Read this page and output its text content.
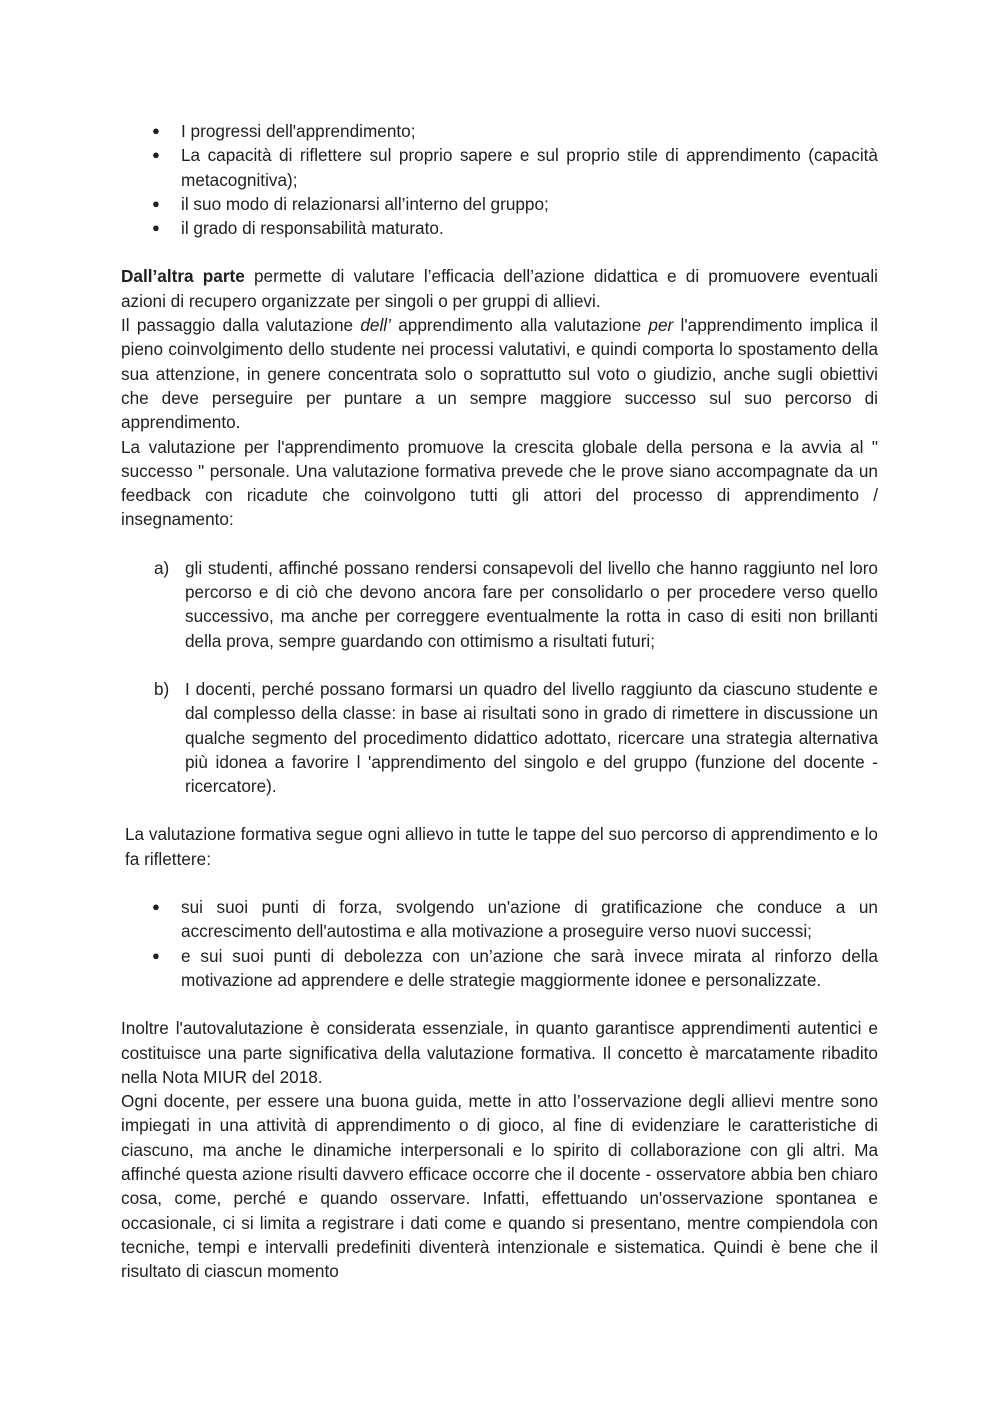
● I progressi dell'apprendimento;
● La capacità di riflettere sul proprio sapere e sul proprio stile di apprendimento (capacità metacognitiva);
● il suo modo di relazionarsi all’interno del gruppo;
● il grado di responsabilità maturato.

Dall’altra parte permette di valutare l’efficacia dell’azione didattica e di promuovere eventuali azioni di recupero organizzate per singoli o per gruppi di allievi.

Il passaggio dalla valutazione dell’ apprendimento alla valutazione per l'apprendimento implica il pieno coinvolgimento dello studente nei processi valutativi, e quindi comporta lo spostamento della sua attenzione, in genere concentrata solo o soprattutto sul voto o giudizio, anche sugli obiettivi che deve perseguire per puntare a un sempre maggiore successo sul suo percorso di apprendimento.

La valutazione per l'apprendimento promuove la crescita globale della persona e la avvia al " successo " personale. Una valutazione formativa prevede che le prove siano accompagnate da un feedback con ricadute che coinvolgono tutti gli attori del processo di apprendimento / insegnamento:

a) gli studenti, affinché possano rendersi consapevoli del livello che hanno raggiunto nel loro percorso e di ciò che devono ancora fare per consolidarlo o per procedere verso quello successivo, ma anche per correggere eventualmente la rotta in caso di esiti non brillanti della prova, sempre guardando con ottimismo a risultati futuri;
b) I docenti, perché possano formarsi un quadro del livello raggiunto da ciascuno studente e dal complesso della classe: in base ai risultati sono in grado di rimettere in discussione un qualche segmento del procedimento didattico adottato, ricercare una strategia alternativa più idonea a favorire l 'apprendimento del singolo e del gruppo (funzione del docente - ricercatore).

La valutazione formativa segue ogni allievo in tutte le tappe del suo percorso di apprendimento e lo fa riflettere:

● sui suoi punti di forza, svolgendo un'azione di gratificazione che conduce a un accrescimento dell'autostima e alla motivazione a proseguire verso nuovi successi;
● e sui suoi punti di debolezza con un’azione che sarà invece mirata al rinforzo della motivazione ad apprendere e delle strategie maggiormente idonee e personalizzate.

Inoltre l'autovalutazione è considerata essenziale, in quanto garantisce apprendimenti autentici e costituisce una parte significativa della valutazione formativa. Il concetto è marcatamente ribadito nella Nota MIUR del 2018.

Ogni docente, per essere una buona guida, mette in atto l’osservazione degli allievi mentre sono impiegati in una attività di apprendimento o di gioco, al fine di evidenziare le caratteristiche di ciascuno, ma anche le dinamiche interpersonali e lo spirito di collaborazione con gli altri. Ma affinché questa azione risulti davvero efficace occorre che il docente - osservatore abbia ben chiaro cosa, come, perché e quando osservare. Infatti, effettuando un'osservazione spontanea e occasionale, ci si limita a registrare i dati come e quando si presentano, mentre compiendola con tecniche, tempi e intervalli predefiniti diventerà intenzionale e sistematica. Quindi è bene che il risultato di ciascun momento
